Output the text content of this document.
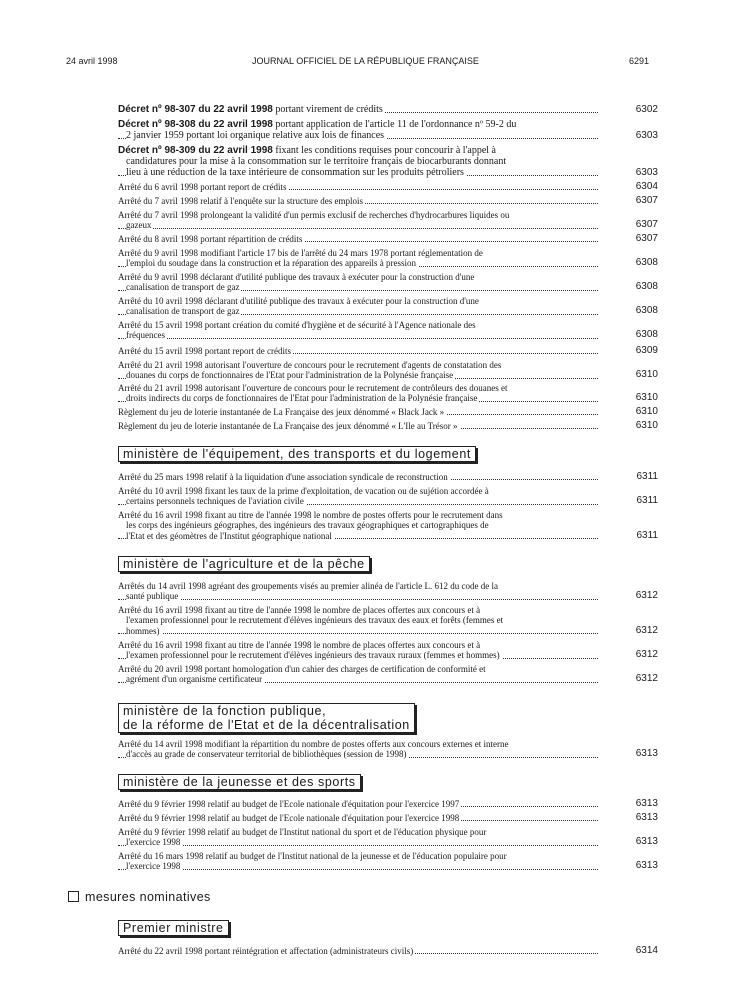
24 avril 1998	JOURNAL OFFICIEL DE LA RÉPUBLIQUE FRANÇAISE	6291
Décret nº 98-307 du 22 avril 1998 portant virement de crédits	6302
Décret nº 98-308 du 22 avril 1998 portant application de l'article 11 de l'ordonnance nº 59-2 du
2 janvier 1959 portant loi organique relative aux lois de finances	6303
Décret nº 98-309 du 22 avril 1998 fixant les conditions requises pour concourir à l'appel à
candidatures pour la mise à la consommation sur le territoire français de biocarburants donnant
lieu à une réduction de la taxe intérieure de consommation sur les produits pétroliers	6303
Arrêté du 6 avril 1998 portant report de crédits	6304
Arrêté du 7 avril 1998 relatif à l'enquête sur la structure des emplois	6307
Arrêté du 7 avril 1998 prolongeant la validité d'un permis exclusif de recherches d'hydrocarbures liquides ou
gazeux	6307
Arrêté du 8 avril 1998 portant répartition de crédits	6307
Arrêté du 9 avril 1998 modifiant l'article 17 bis de l'arrêté du 24 mars 1978 portant réglementation de
l'emploi du soudage dans la construction et la réparation des appareils à pression	6308
Arrêté du 9 avril 1998 déclarant d'utilité publique des travaux à exécuter pour la construction d'une
canalisation de transport de gaz	6308
Arrêté du 10 avril 1998 déclarant d'utilité publique des travaux à exécuter pour la construction d'une
canalisation de transport de gaz	6308
Arrêté du 15 avril 1998 portant création du comité d'hygiène et de sécurité à l'Agence nationale des
fréquences	6308
Arrêté du 15 avril 1998 portant report de crédits	6309
Arrêté du 21 avril 1998 autorisant l'ouverture de concours pour le recrutement d'agents de constatation des
douanes du corps de fonctionnaires de l'Etat pour l'administration de la Polynésie française	6310
Arrêté du 21 avril 1998 autorisant l'ouverture de concours pour le recrutement de contrôleurs des douanes et
droits indirects du corps de fonctionnaires de l'Etat pour l'administration de la Polynésie française	6310
Règlement du jeu de loterie instantanée de La Française des jeux dénommé « Black Jack »	6310
Règlement du jeu de loterie instantanée de La Française des jeux dénommé « L'Ile au Trésor »	6310
ministère de l'équipement, des transports et du logement
Arrêté du 25 mars 1998 relatif à la liquidation d'une association syndicale de reconstruction	6311
Arrêté du 10 avril 1998 fixant les taux de la prime d'exploitation, de vacation ou de sujétion accordée à
certains personnels techniques de l'aviation civile	6311
Arrêté du 16 avril 1998 fixant au titre de l'année 1998 le nombre de postes offerts pour le recrutement dans
les corps des ingénieurs géographes, des ingénieurs des travaux géographiques et cartographiques de
l'Etat et des géomètres de l'Institut géographique national	6311
ministère de l'agriculture et de la pêche
Arrêtés du 14 avril 1998 agréant des groupements visés au premier alinéa de l'article L. 612 du code de la
santé publique	6312
Arrêté du 16 avril 1998 fixant au titre de l'année 1998 le nombre de places offertes aux concours et à
l'examen professionnel pour le recrutement d'élèves ingénieurs des travaux des eaux et forêts (femmes et
hommes)	6312
Arrêté du 16 avril 1998 fixant au titre de l'année 1998 le nombre de places offertes aux concours et à
l'examen professionnel pour le recrutement d'élèves ingénieurs des travaux ruraux (femmes et hommes)	6312
Arrêté du 20 avril 1998 portant homologation d'un cahier des charges de certification de conformité et
agrément d'un organisme certificateur	6312
ministère de la fonction publique,
de la réforme de l'Etat et de la décentralisation
Arrêté du 14 avril 1998 modifiant la répartition du nombre de postes offerts aux concours externes et interne
d'accès au grade de conservateur territorial de bibliothèques (session de 1998)	6313
ministère de la jeunesse et des sports
Arrêté du 9 février 1998 relatif au budget de l'Ecole nationale d'équitation pour l'exercice 1997	6313
Arrêté du 9 février 1998 relatif au budget de l'Ecole nationale d'équitation pour l'exercice 1998	6313
Arrêté du 9 février 1998 relatif au budget de l'Institut national du sport et de l'éducation physique pour
l'exercice 1998	6313
Arrêté du 16 mars 1998 relatif au budget de l'Institut national de la jeunesse et de l'éducation populaire pour
l'exercice 1998	6313
Premier ministre
Arrêté du 22 avril 1998 portant réintégration et affectation (administrateurs civils)	6314
mesures nominatives
